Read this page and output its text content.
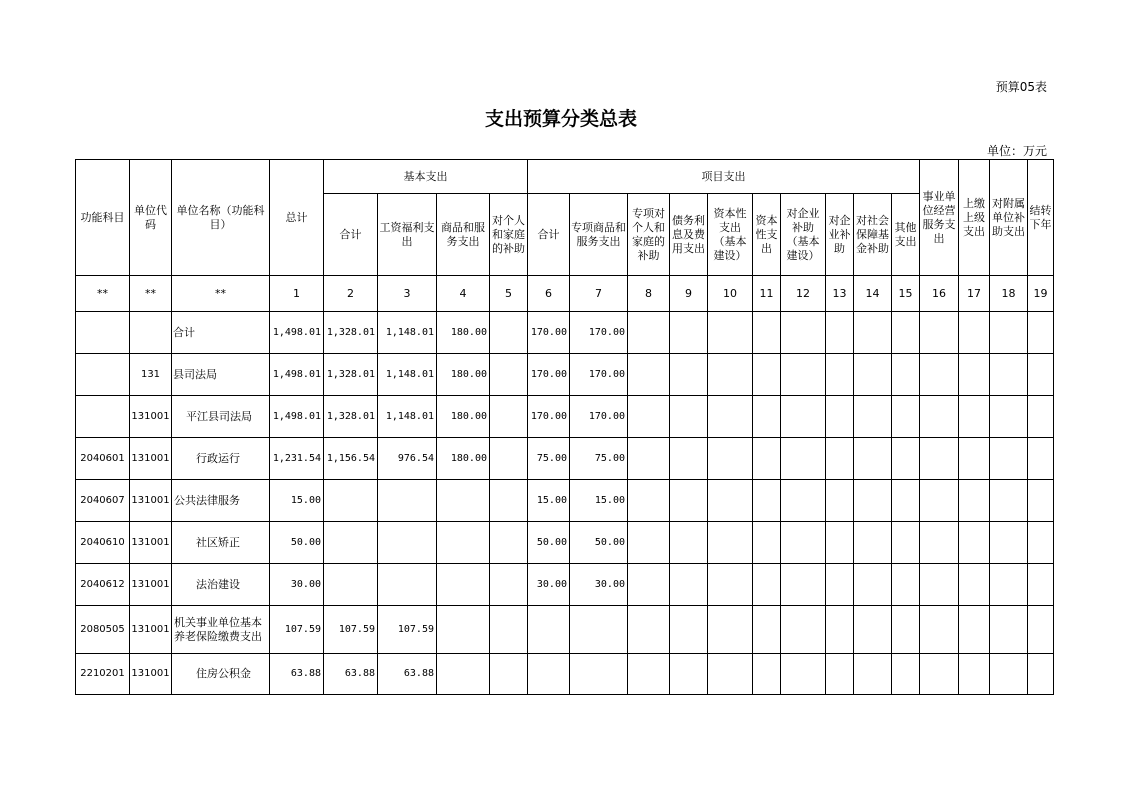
预算05表
支出预算分类总表
单位：万元
功能科目	单位代码	单位名称（功能科目）	总计	基本支出				项目支出										事业单位经营服务支出	上缴上级支出	对附属单位补助支出	结转下年
				合计	工资福利支出	商品和服务支出	对个人和家庭的补助	合计	专项商品和服务支出	专项对个人和家庭的补助	债务利息及费用支出	资本性支出（基本建设）	资本性支出	对企业补助（基本建设）	对企业补助	对社会保障基金补助	其他支出				
**	**	**	1	2	3	4	5	6	7	8	9	10	11	12	13	14	15	16	17	18	19
		合计	1,498.01	1,328.01	1,148.01	180.00		170.00	170.00												
	131	县司法局	1,498.01	1,328.01	1,148.01	180.00		170.00	170.00												
	131001	平江县司法局	1,498.01	1,328.01	1,148.01	180.00		170.00	170.00												
2040601	131001	行政运行	1,231.54	1,156.54	976.54	180.00		75.00	75.00												
2040607	131001	公共法律服务	15.00					15.00	15.00												
2040610	131001	社区矫正	50.00					50.00	50.00												
2040612	131001	法治建设	30.00					30.00	30.00												
2080505	131001	机关事业单位基本养老保险缴费支出	107.59	107.59	107.59																
2210201	131001	住房公积金	63.88	63.88	63.88																
